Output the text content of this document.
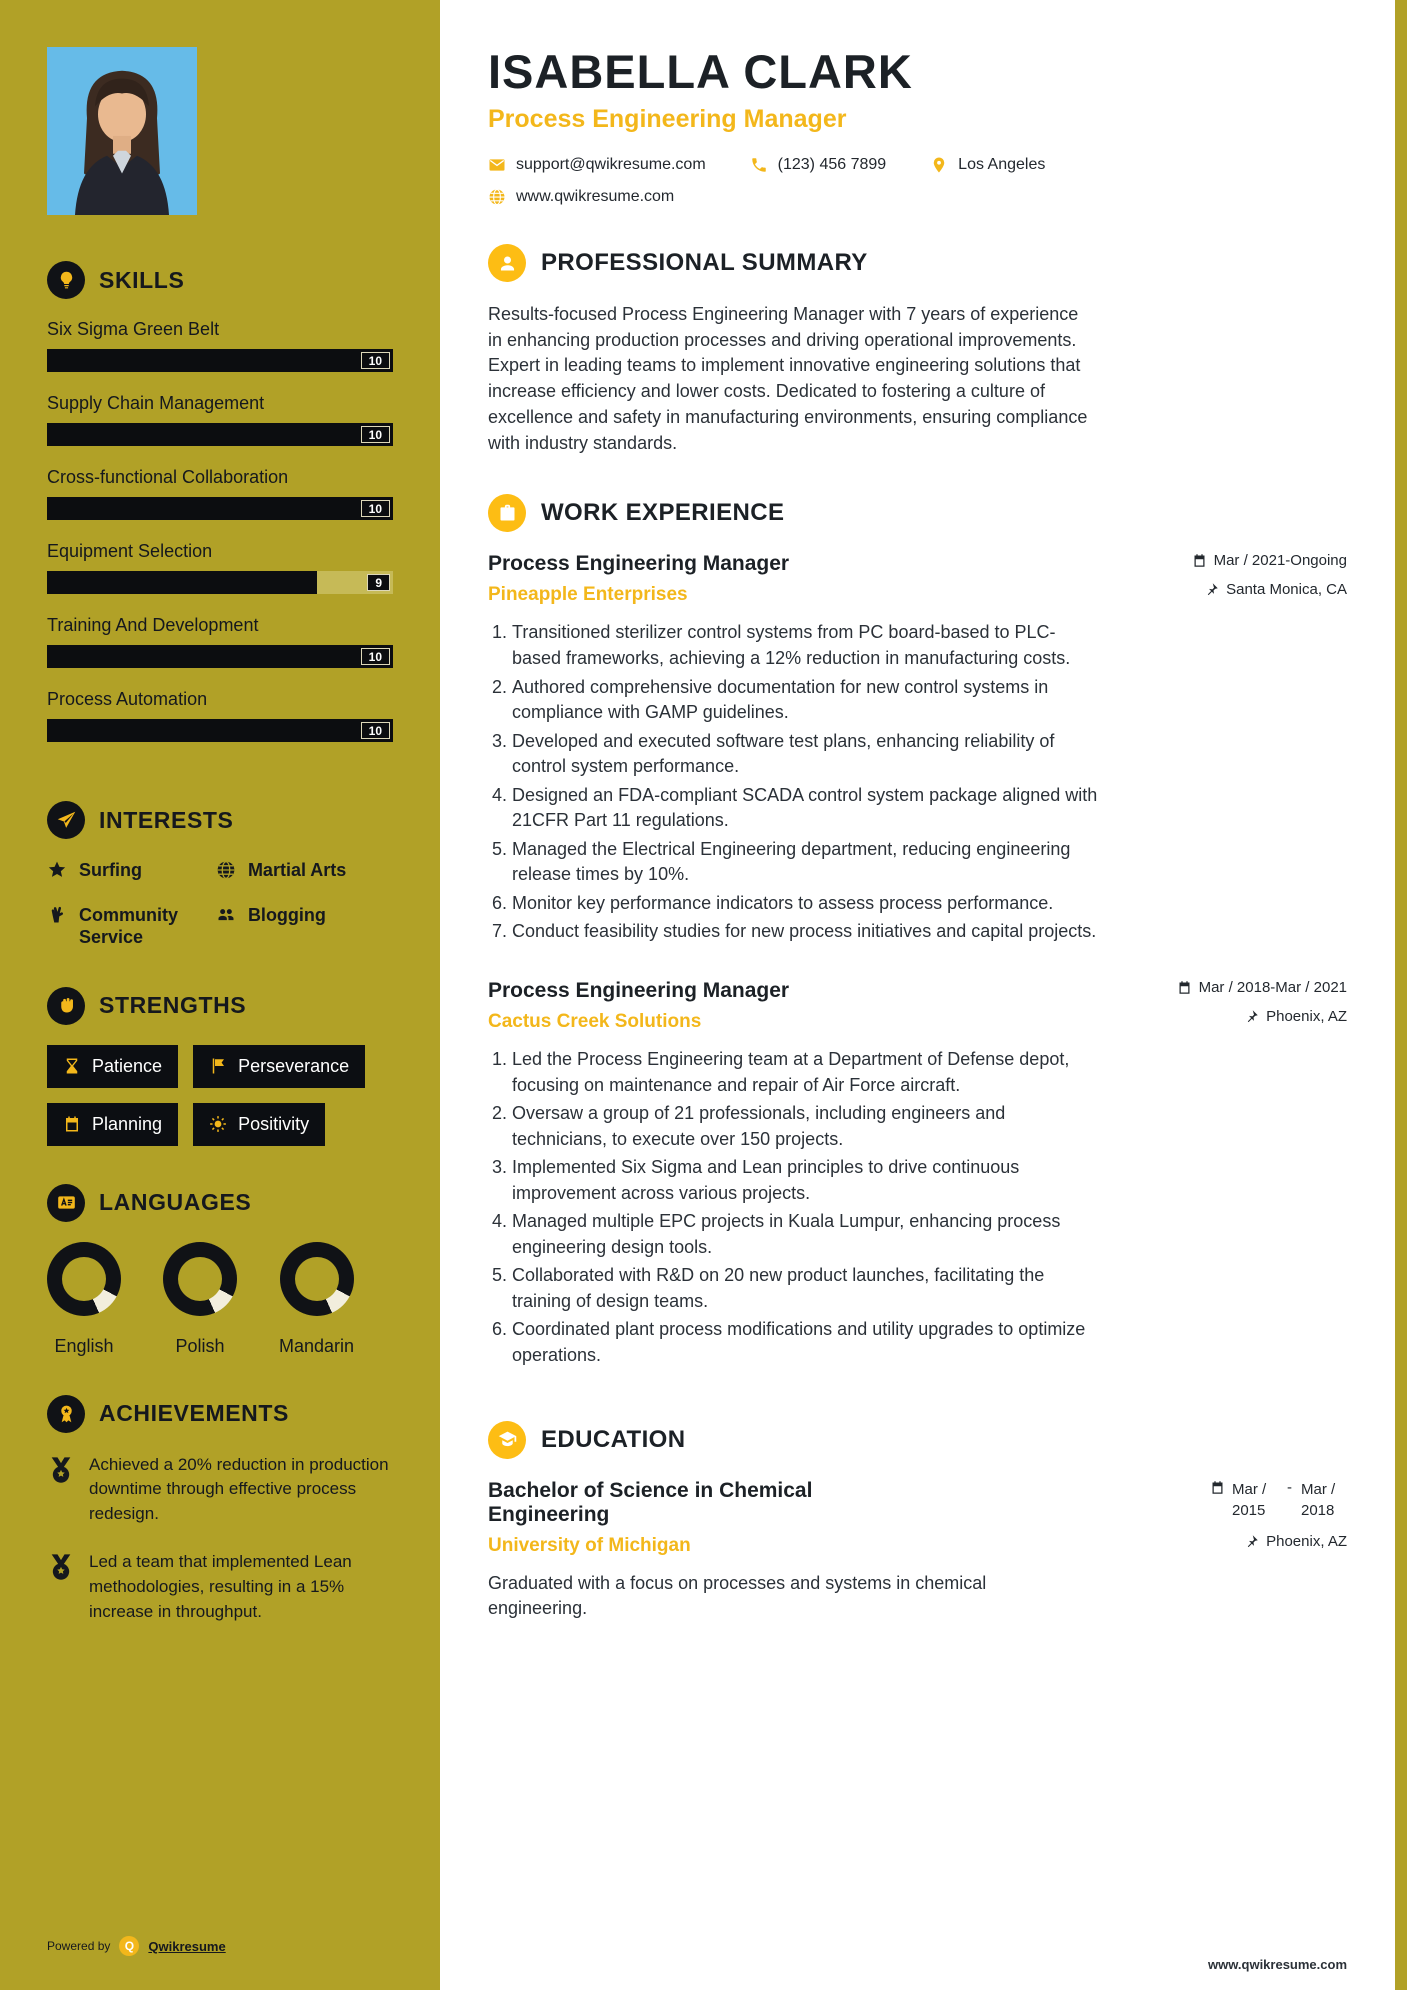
SKILLS
Six Sigma Green Belt
10
Supply Chain Management
10
Cross-functional Collaboration
10
Equipment Selection
9
Training And Development
10
Process Automation
10
INTERESTS
Surfing	Martial Arts
Community Service
Blogging
STRENGTHS
Patience	Perseverance
Planning	Positivity
LANGUAGES
English	Polish	Mandarin
ACHIEVEMENTS

Achieved a 20% reduction in production downtime through effective process redesign.

Led a team that implemented Lean methodologies, resulting in a 15% increase in throughput.

Powered by	Q	Qwikresume
ISABELLA CLARK
Process Engineering Manager
support@qwikresume.com	(123) 456 7899	Los Angeles
www.qwikresume.com
PROFESSIONAL SUMMARY

Results-focused Process Engineering Manager with 7 years of experience in enhancing production processes and driving operational improvements. Expert in leading teams to implement innovative engineering solutions that increase efficiency and lower costs. Dedicated to fostering a culture of excellence and safety in manufacturing environments, ensuring compliance with industry standards.

WORK EXPERIENCE
Process Engineering Manager
Pineapple Enterprises
Mar / 2021-Ongoing
Santa Monica, CA
1. Transitioned sterilizer control systems from PC board-based to PLC-based frameworks, achieving a 12% reduction in manufacturing costs.
2. Authored comprehensive documentation for new control systems in compliance with GAMP guidelines.
3. Developed and executed software test plans, enhancing reliability of control system performance.
4. Designed an FDA-compliant SCADA control system package aligned with 21CFR Part 11 regulations.
5. Managed the Electrical Engineering department, reducing engineering release times by 10%.
6. Monitor key performance indicators to assess process performance.
7. Conduct feasibility studies for new process initiatives and capital projects.
Process Engineering Manager
Cactus Creek Solutions
Mar / 2018-Mar / 2021
Phoenix, AZ
1. Led the Process Engineering team at a Department of Defense depot, focusing on maintenance and repair of Air Force aircraft.
2. Oversaw a group of 21 professionals, including engineers and technicians, to execute over 150 projects.
3. Implemented Six Sigma and Lean principles to drive continuous improvement across various projects.
4. Managed multiple EPC projects in Kuala Lumpur, enhancing process engineering design tools.
5. Collaborated with R&D on 20 new product launches, facilitating the training of design teams.
6. Coordinated plant process modifications and utility upgrades to optimize operations.
EDUCATION
Bachelor of Science in Chemical Engineering
University of Michigan
Mar / 2015
- Mar / 2018
Phoenix, AZ

Graduated with a focus on processes and systems in chemical engineering.

www.qwikresume.com
